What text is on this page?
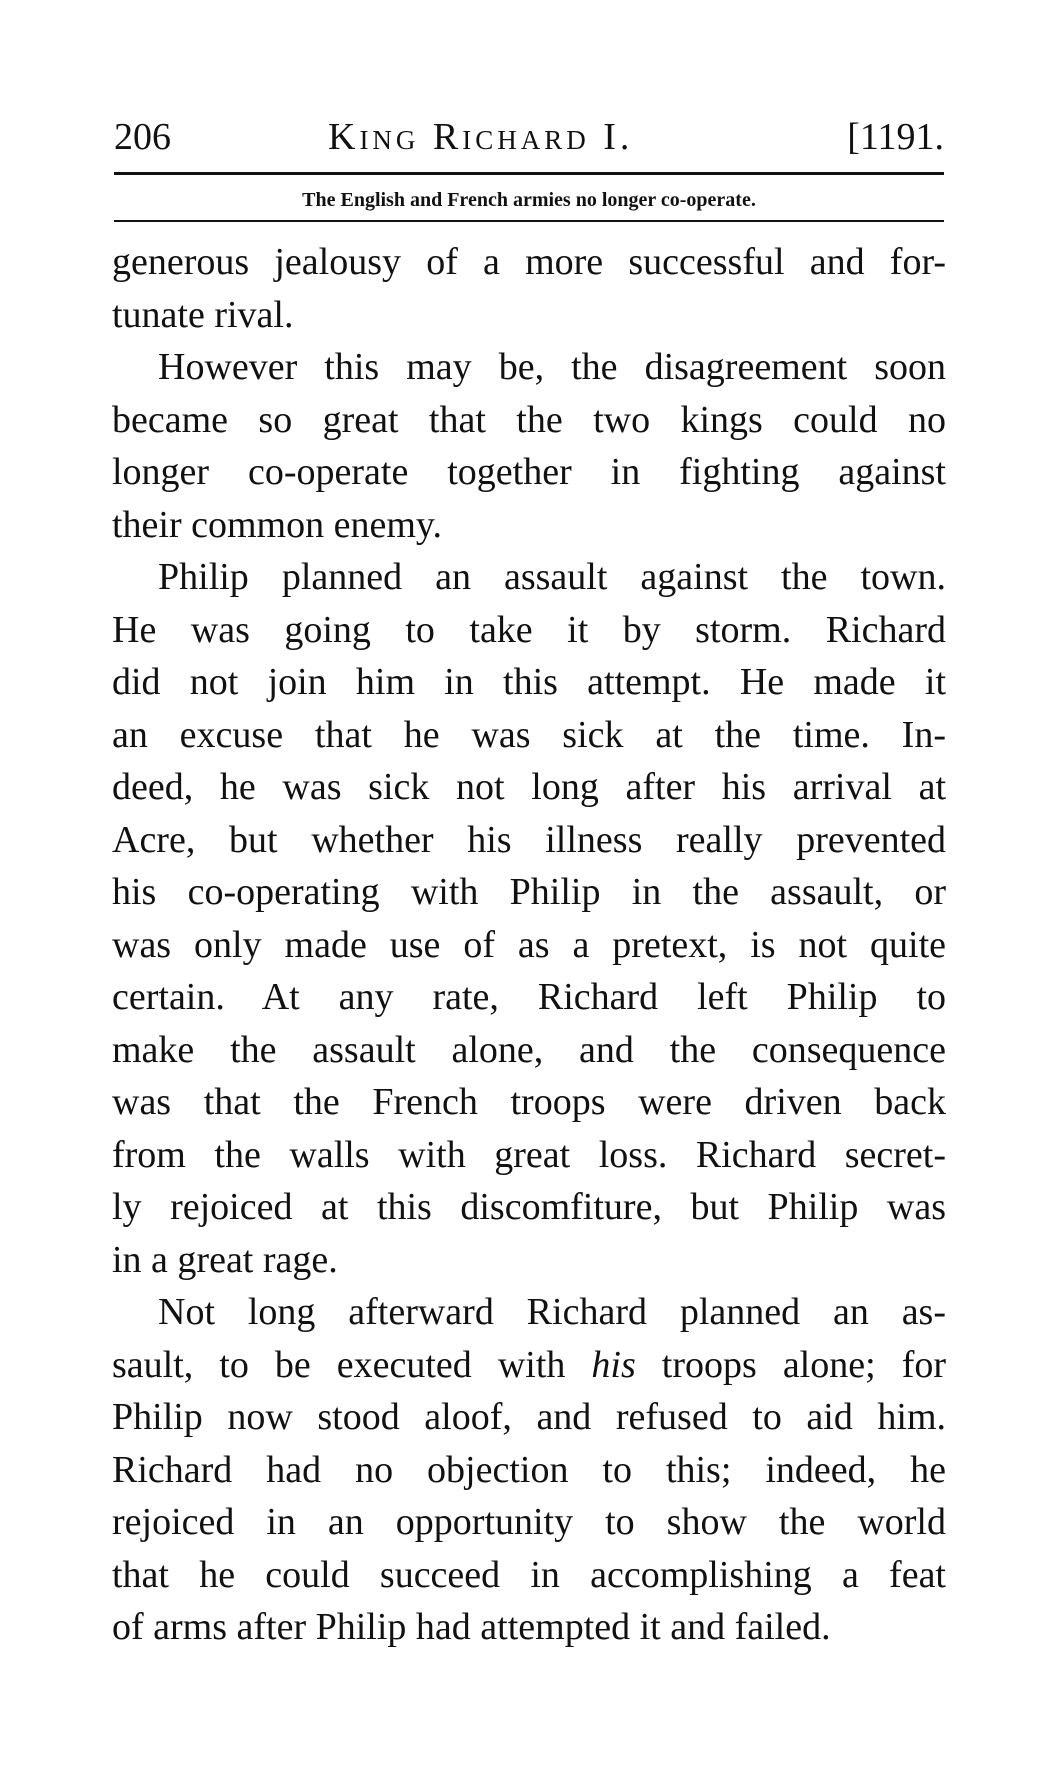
206	King Richard I.	[1191.
The English and French armies no longer co-operate.
generous jealousy of a more successful and for-
tunate rival.
However this may be, the disagreement soon
became so great that the two kings could no
longer co-operate together in fighting against
their common enemy.
Philip planned an assault against the town.
He was going to take it by storm. Richard
did not join him in this attempt. He made it
an excuse that he was sick at the time. In-
deed, he was sick not long after his arrival at
Acre, but whether his illness really prevented
his co-operating with Philip in the assault, or
was only made use of as a pretext, is not quite
certain. At any rate, Richard left Philip to
make the assault alone, and the consequence
was that the French troops were driven back
from the walls with great loss. Richard secret-
ly rejoiced at this discomfiture, but Philip was
in a great rage.
Not long afterward Richard planned an as-
sault, to be executed with his troops alone; for
Philip now stood aloof, and refused to aid him.
Richard had no objection to this; indeed, he
rejoiced in an opportunity to show the world
that he could succeed in accomplishing a feat
of arms after Philip had attempted it and failed.
